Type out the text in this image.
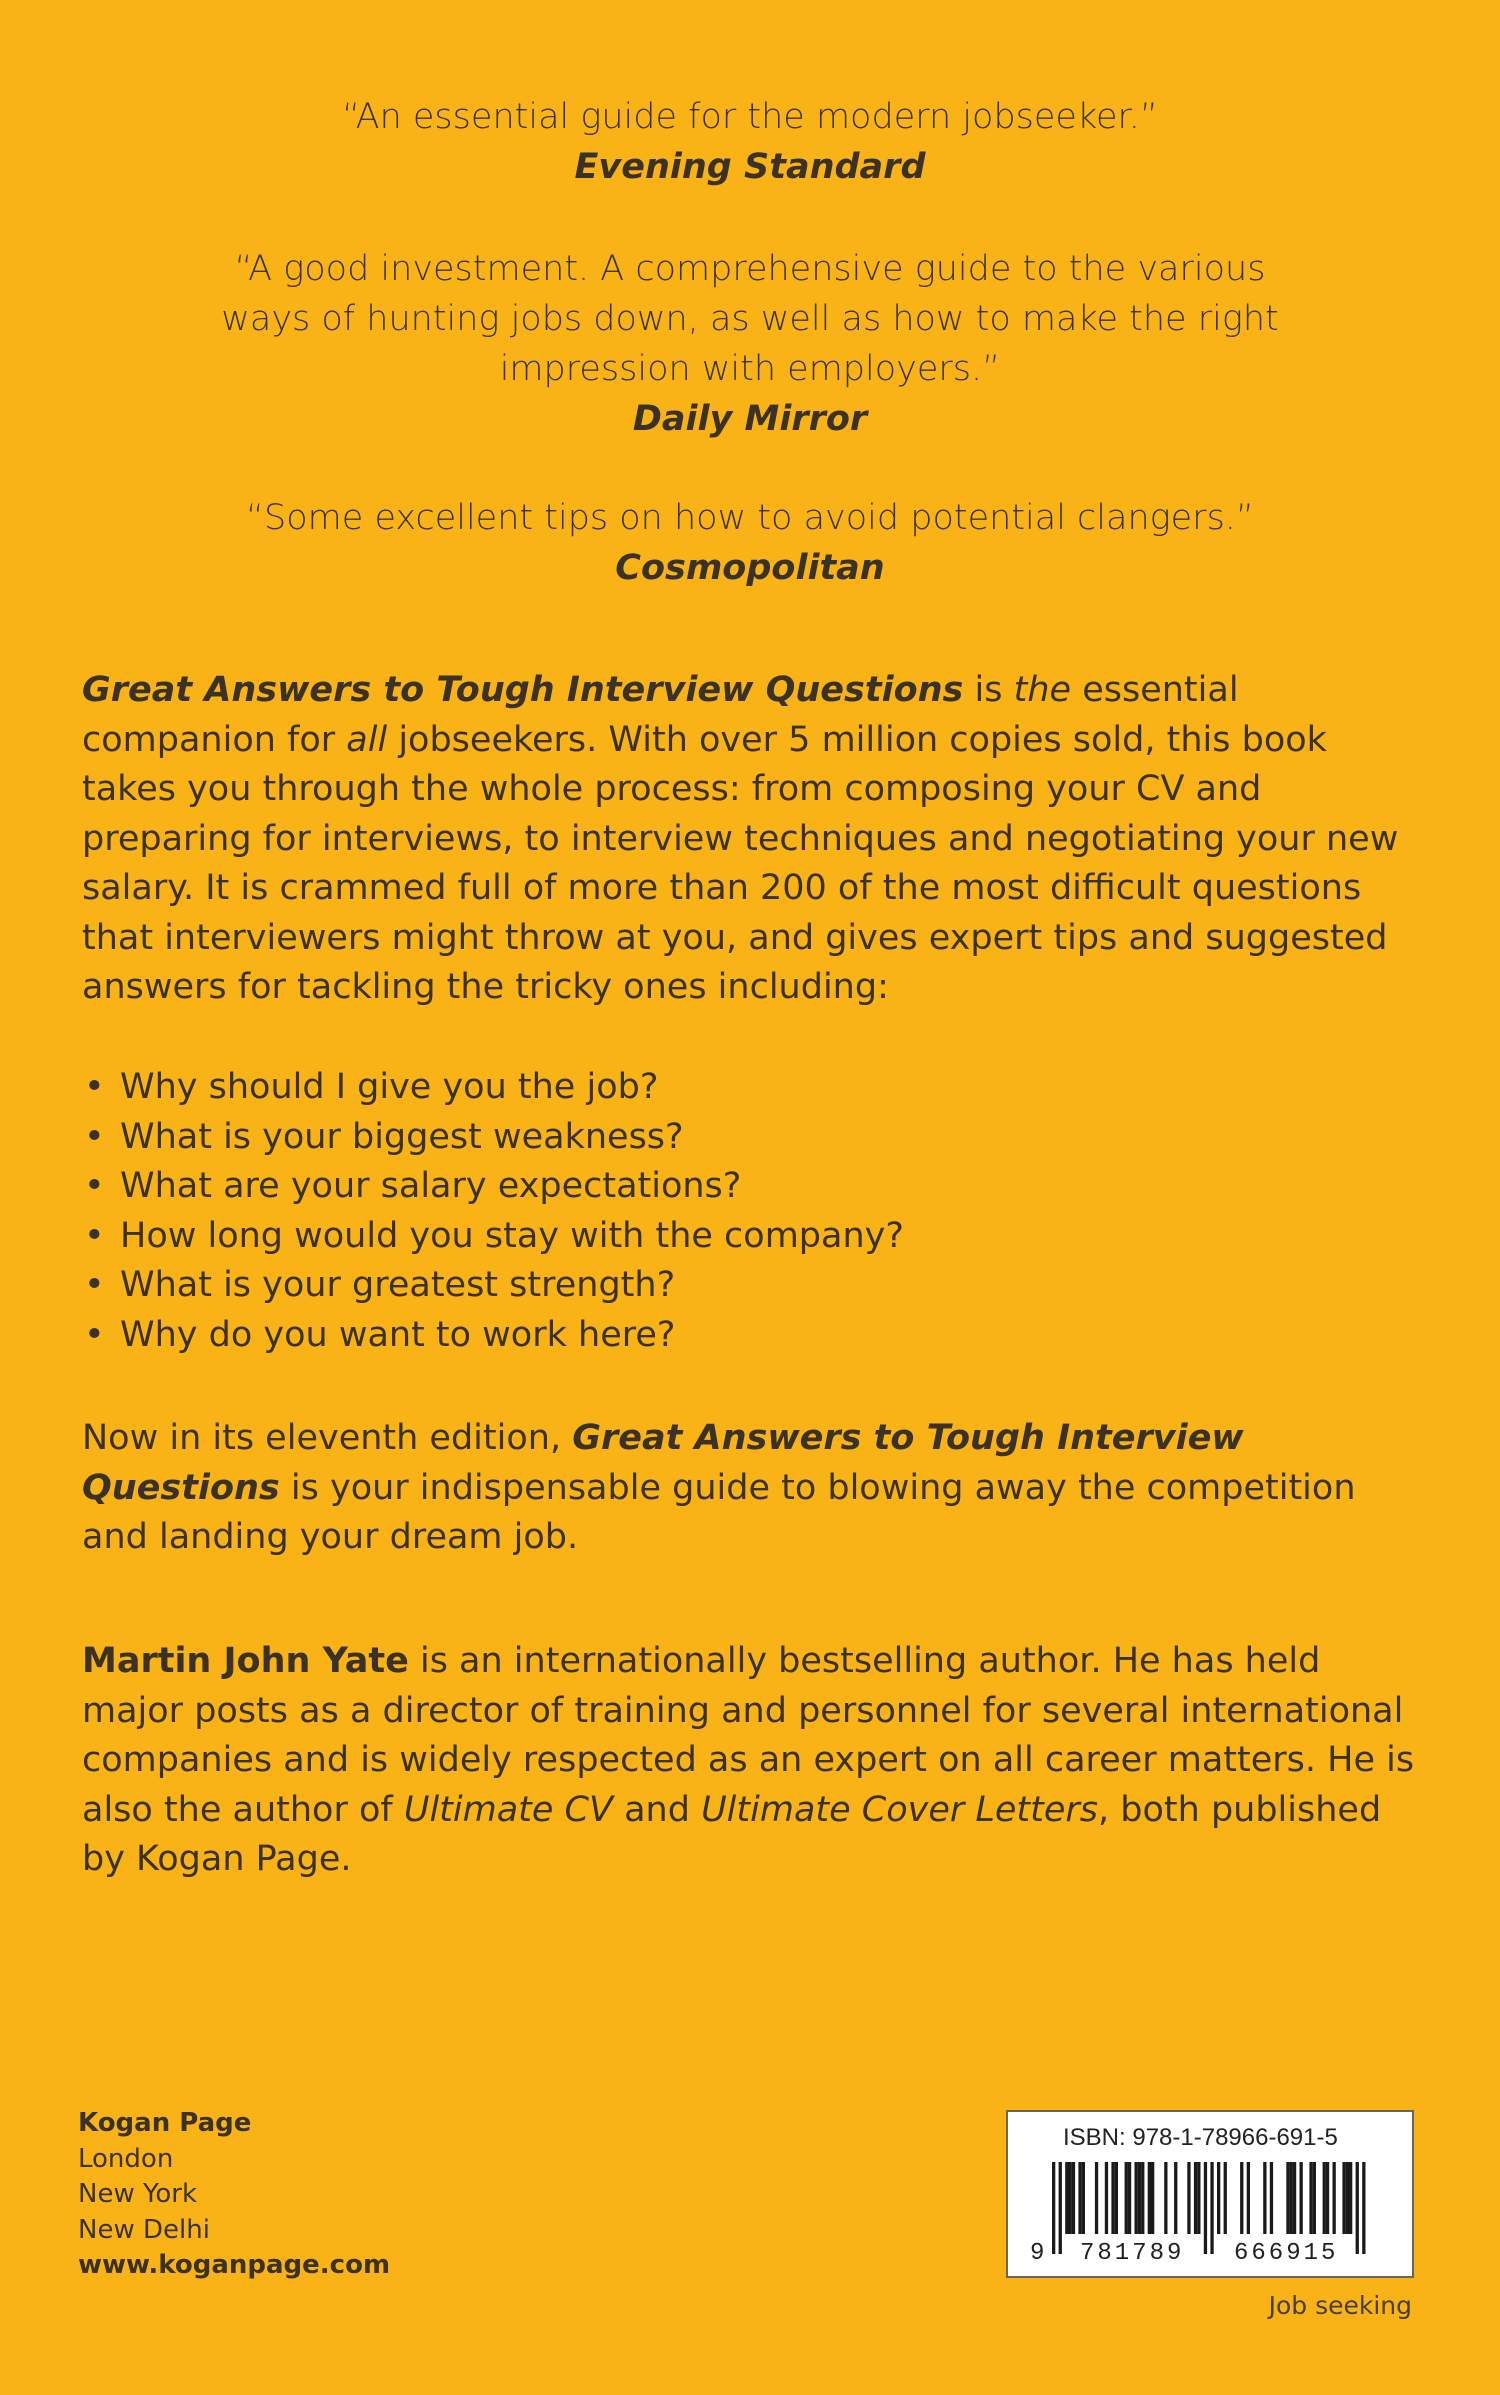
“An essential guide for the modern jobseeker.”
Evening Standard
“A good investment. A comprehensive guide to the various
ways of hunting jobs down, as well as how to make the right
impression with employers.”
Daily Mirror
“Some excellent tips on how to avoid potential clangers.”
Cosmopolitan
Great Answers to Tough Interview Questions is the essential companion for all jobseekers. With over 5 million copies sold, this book takes you through the whole process: from composing your CV and preparing for interviews, to interview techniques and negotiating your new salary. It is crammed full of more than 200 of the most difficult questions that interviewers might throw at you, and gives expert tips and suggested answers for tackling the tricky ones including:
• Why should I give you the job?
• What is your biggest weakness?
• What are your salary expectations?
• How long would you stay with the company?
• What is your greatest strength?
• Why do you want to work here?
Now in its eleventh edition, Great Answers to Tough Interview Questions is your indispensable guide to blowing away the competition and landing your dream job.
Martin John Yate is an internationally bestselling author. He has held major posts as a director of training and personnel for several international companies and is widely respected as an expert on all career matters. He is also the author of Ultimate CV and Ultimate Cover Letters, both published by Kogan Page.
Kogan Page
London
New York
New Delhi
www.koganpage.com
ISBN: 978-1-78966-691-5
9 781789 666915
Job seeking
